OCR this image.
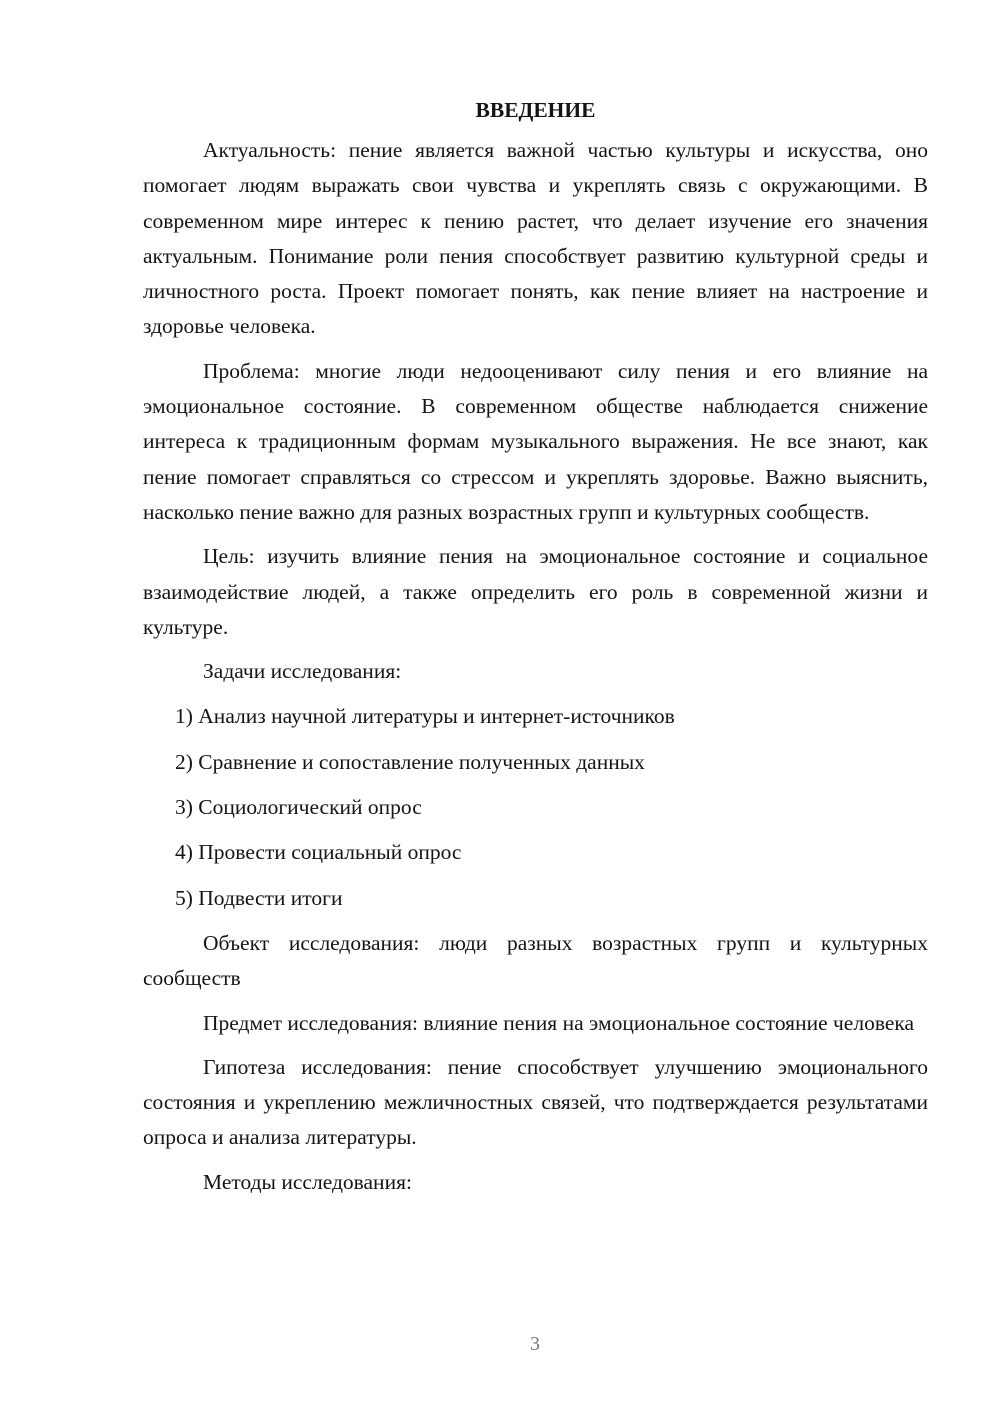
ВВЕДЕНИЕ

Актуальность: пение является важной частью культуры и искусства, оно помогает людям выражать свои чувства и укреплять связь с окружающими. В современном мире интерес к пению растет, что делает изучение его значения актуальным. Понимание роли пения способствует развитию культурной среды и личностного роста. Проект помогает понять, как пение влияет на настроение и здоровье человека.

Проблема: многие люди недооценивают силу пения и его влияние на эмоциональное состояние. В современном обществе наблюдается снижение интереса к традиционным формам музыкального выражения. Не все знают, как пение помогает справляться со стрессом и укреплять здоровье. Важно выяснить, насколько пение важно для разных возрастных групп и культурных сообществ.

Цель: изучить влияние пения на эмоциональное состояние и социальное взаимодействие людей, а также определить его роль в современной жизни и культуре.

Задачи исследования:

1) Анализ научной литературы и интернет-источников

2) Сравнение и сопоставление полученных данных

3) Социологический опрос

4) Провести социальный опрос

5) Подвести итоги

Объект исследования: люди разных возрастных групп и культурных сообществ

Предмет исследования: влияние пения на эмоциональное состояние человека

Гипотеза исследования: пение способствует улучшению эмоционального состояния и укреплению межличностных связей, что подтверждается результатами опроса и анализа литературы.

Методы исследования:

3
